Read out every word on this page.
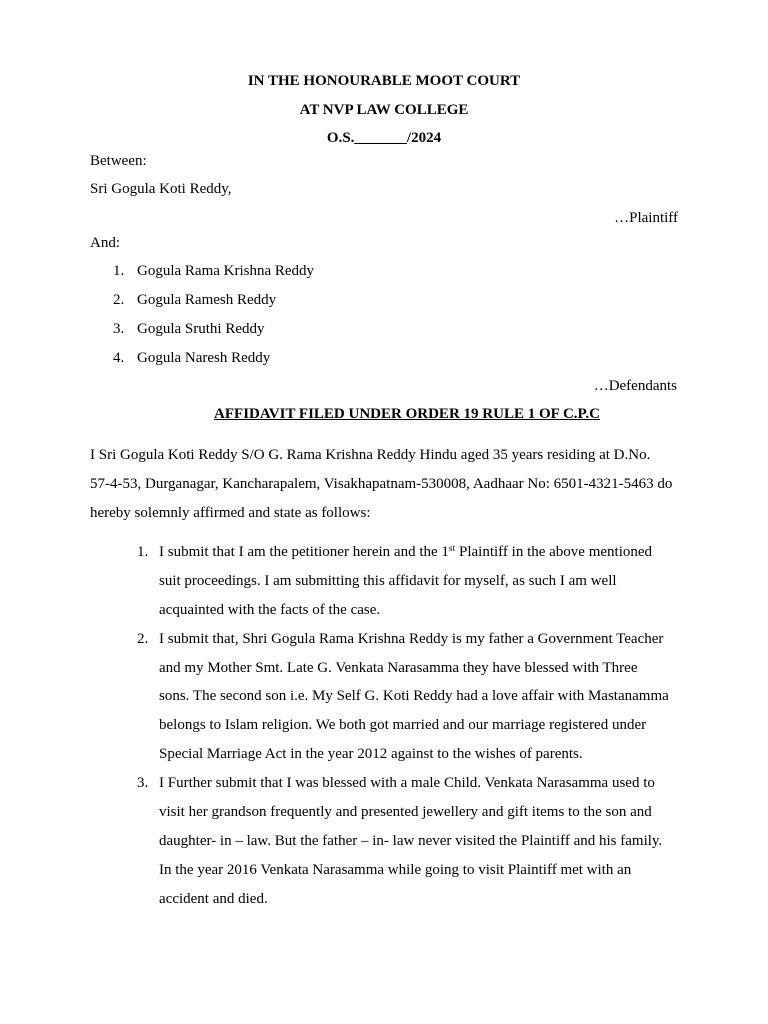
IN THE HONOURABLE MOOT COURT
AT NVP LAW COLLEGE
O.S._______/2024
Between:
Sri Gogula Koti Reddy,
…Plaintiff
And:
1. Gogula Rama Krishna Reddy
2. Gogula Ramesh Reddy
3. Gogula Sruthi Reddy
4. Gogula Naresh Reddy
…Defendants
AFFIDAVIT FILED UNDER ORDER 19 RULE 1 OF C.P.C
I Sri Gogula Koti Reddy S/O G. Rama Krishna Reddy Hindu aged 35 years residing at D.No.
57-4-53, Durganagar, Kancharapalem, Visakhapatnam-530008, Aadhaar No: 6501-4321-5463 do
hereby solemnly affirmed and state as follows:
1. I submit that I am the petitioner herein and the 1st Plaintiff in the above mentioned
suit proceedings. I am submitting this affidavit for myself, as such I am well
acquainted with the facts of the case.
2. I submit that, Shri Gogula Rama Krishna Reddy is my father a Government Teacher
and my Mother Smt. Late G. Venkata Narasamma they have blessed with Three
sons. The second son i.e. My Self G. Koti Reddy had a love affair with Mastanamma
belongs to Islam religion. We both got married and our marriage registered under
Special Marriage Act in the year 2012 against to the wishes of parents.
3. I Further submit that I was blessed with a male Child. Venkata Narasamma used to
visit her grandson frequently and presented jewellery and gift items to the son and
daughter- in – law. But the father – in- law never visited the Plaintiff and his family.
In the year 2016 Venkata Narasamma while going to visit Plaintiff met with an
accident and died.
